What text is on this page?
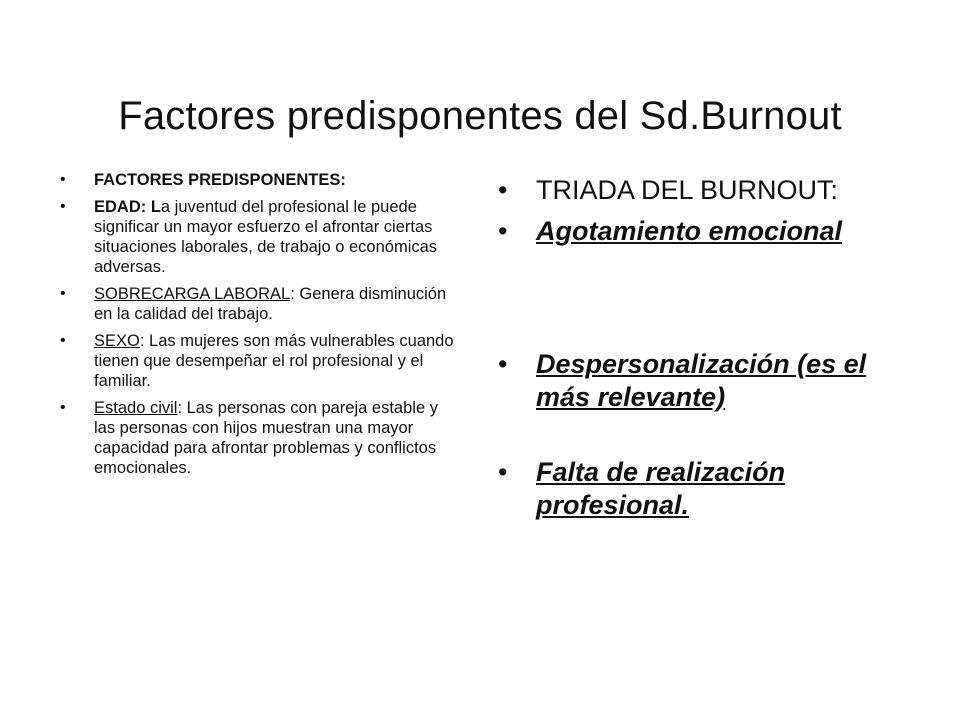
Factores predisponentes del Sd.Burnout
• FACTORES PREDISPONENTES:
• EDAD: La juventud del profesional le puede significar un mayor esfuerzo el afrontar ciertas situaciones laborales, de trabajo o económicas adversas.
• SOBRECARGA LABORAL: Genera disminución en la calidad del trabajo.
• SEXO: Las mujeres son más vulnerables cuando tienen que desempeñar el rol profesional y el familiar.
• Estado civil: Las personas con pareja estable y las personas con hijos muestran una mayor capacidad para afrontar problemas y conflictos emocionales.
• TRIADA DEL BURNOUT:
• Agotamiento emocional
• Despersonalización (es el más relevante)
• Falta de realización profesional.
